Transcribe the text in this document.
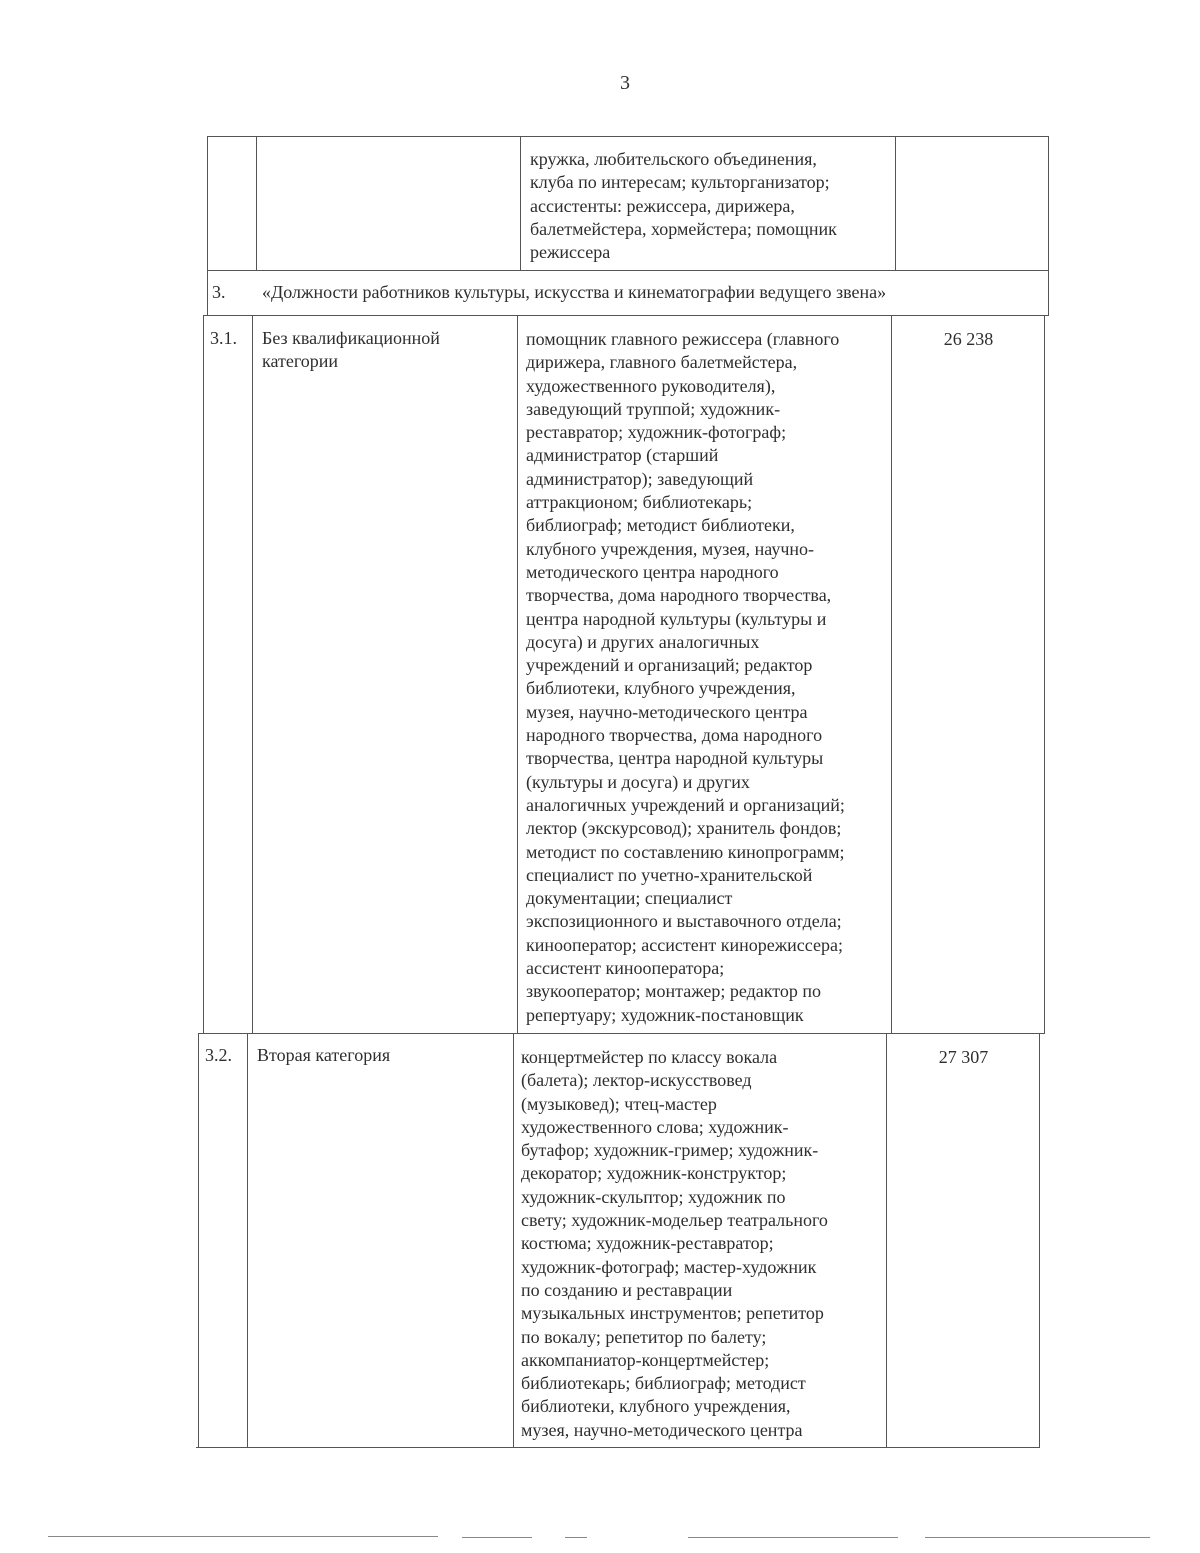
3
кружка, любительского объединения,
клуба по интересам; культорганизатор;
ассистенты: режиссера, дирижера,
балетмейстера, хормейстера; помощник
режиссера
3. «Должности работников культуры, искусства и кинематографии ведущего звена»
3.1. Без квалификационной
категории
помощник главного режиссера (главного
дирижера, главного балетмейстера,
художественного руководителя),
заведующий труппой; художник-
реставратор; художник-фотограф;
администратор (старший
администратор); заведующий
аттракционом; библиотекарь;
библиограф; методист библиотеки,
клубного учреждения, музея, научно-
методического центра народного
творчества, дома народного творчества,
центра народной культуры (культуры и
досуга) и других аналогичных
учреждений и организаций; редактор
библиотеки, клубного учреждения,
музея, научно-методического центра
народного творчества, дома народного
творчества, центра народной культуры
(культуры и досуга) и других
аналогичных учреждений и организаций;
лектор (экскурсовод); хранитель фондов;
методист по составлению кинопрограмм;
специалист по учетно-хранительской
документации; специалист
экспозиционного и выставочного отдела;
кинооператор; ассистент кинорежиссера;
ассистент кинооператора;
звукооператор; монтажер; редактор по
репертуару; художник-постановщик
26 238
3.2. Вторая категория	концертмейстер по классу вокала
(балета); лектор-искусствовед
(музыковед); чтец-мастер
художественного слова; художник-
бутафор; художник-гример; художник-
декоратор; художник-конструктор;
художник-скульптор; художник по
свету; художник-модельер театрального
костюма; художник-реставратор;
художник-фотограф; мастер-художник
по созданию и реставрации
музыкальных инструментов; репетитор
по вокалу; репетитор по балету;
аккомпаниатор-концертмейстер;
библиотекарь; библиограф; методист
библиотеки, клубного учреждения,
музея, научно-методического центра
27 307
